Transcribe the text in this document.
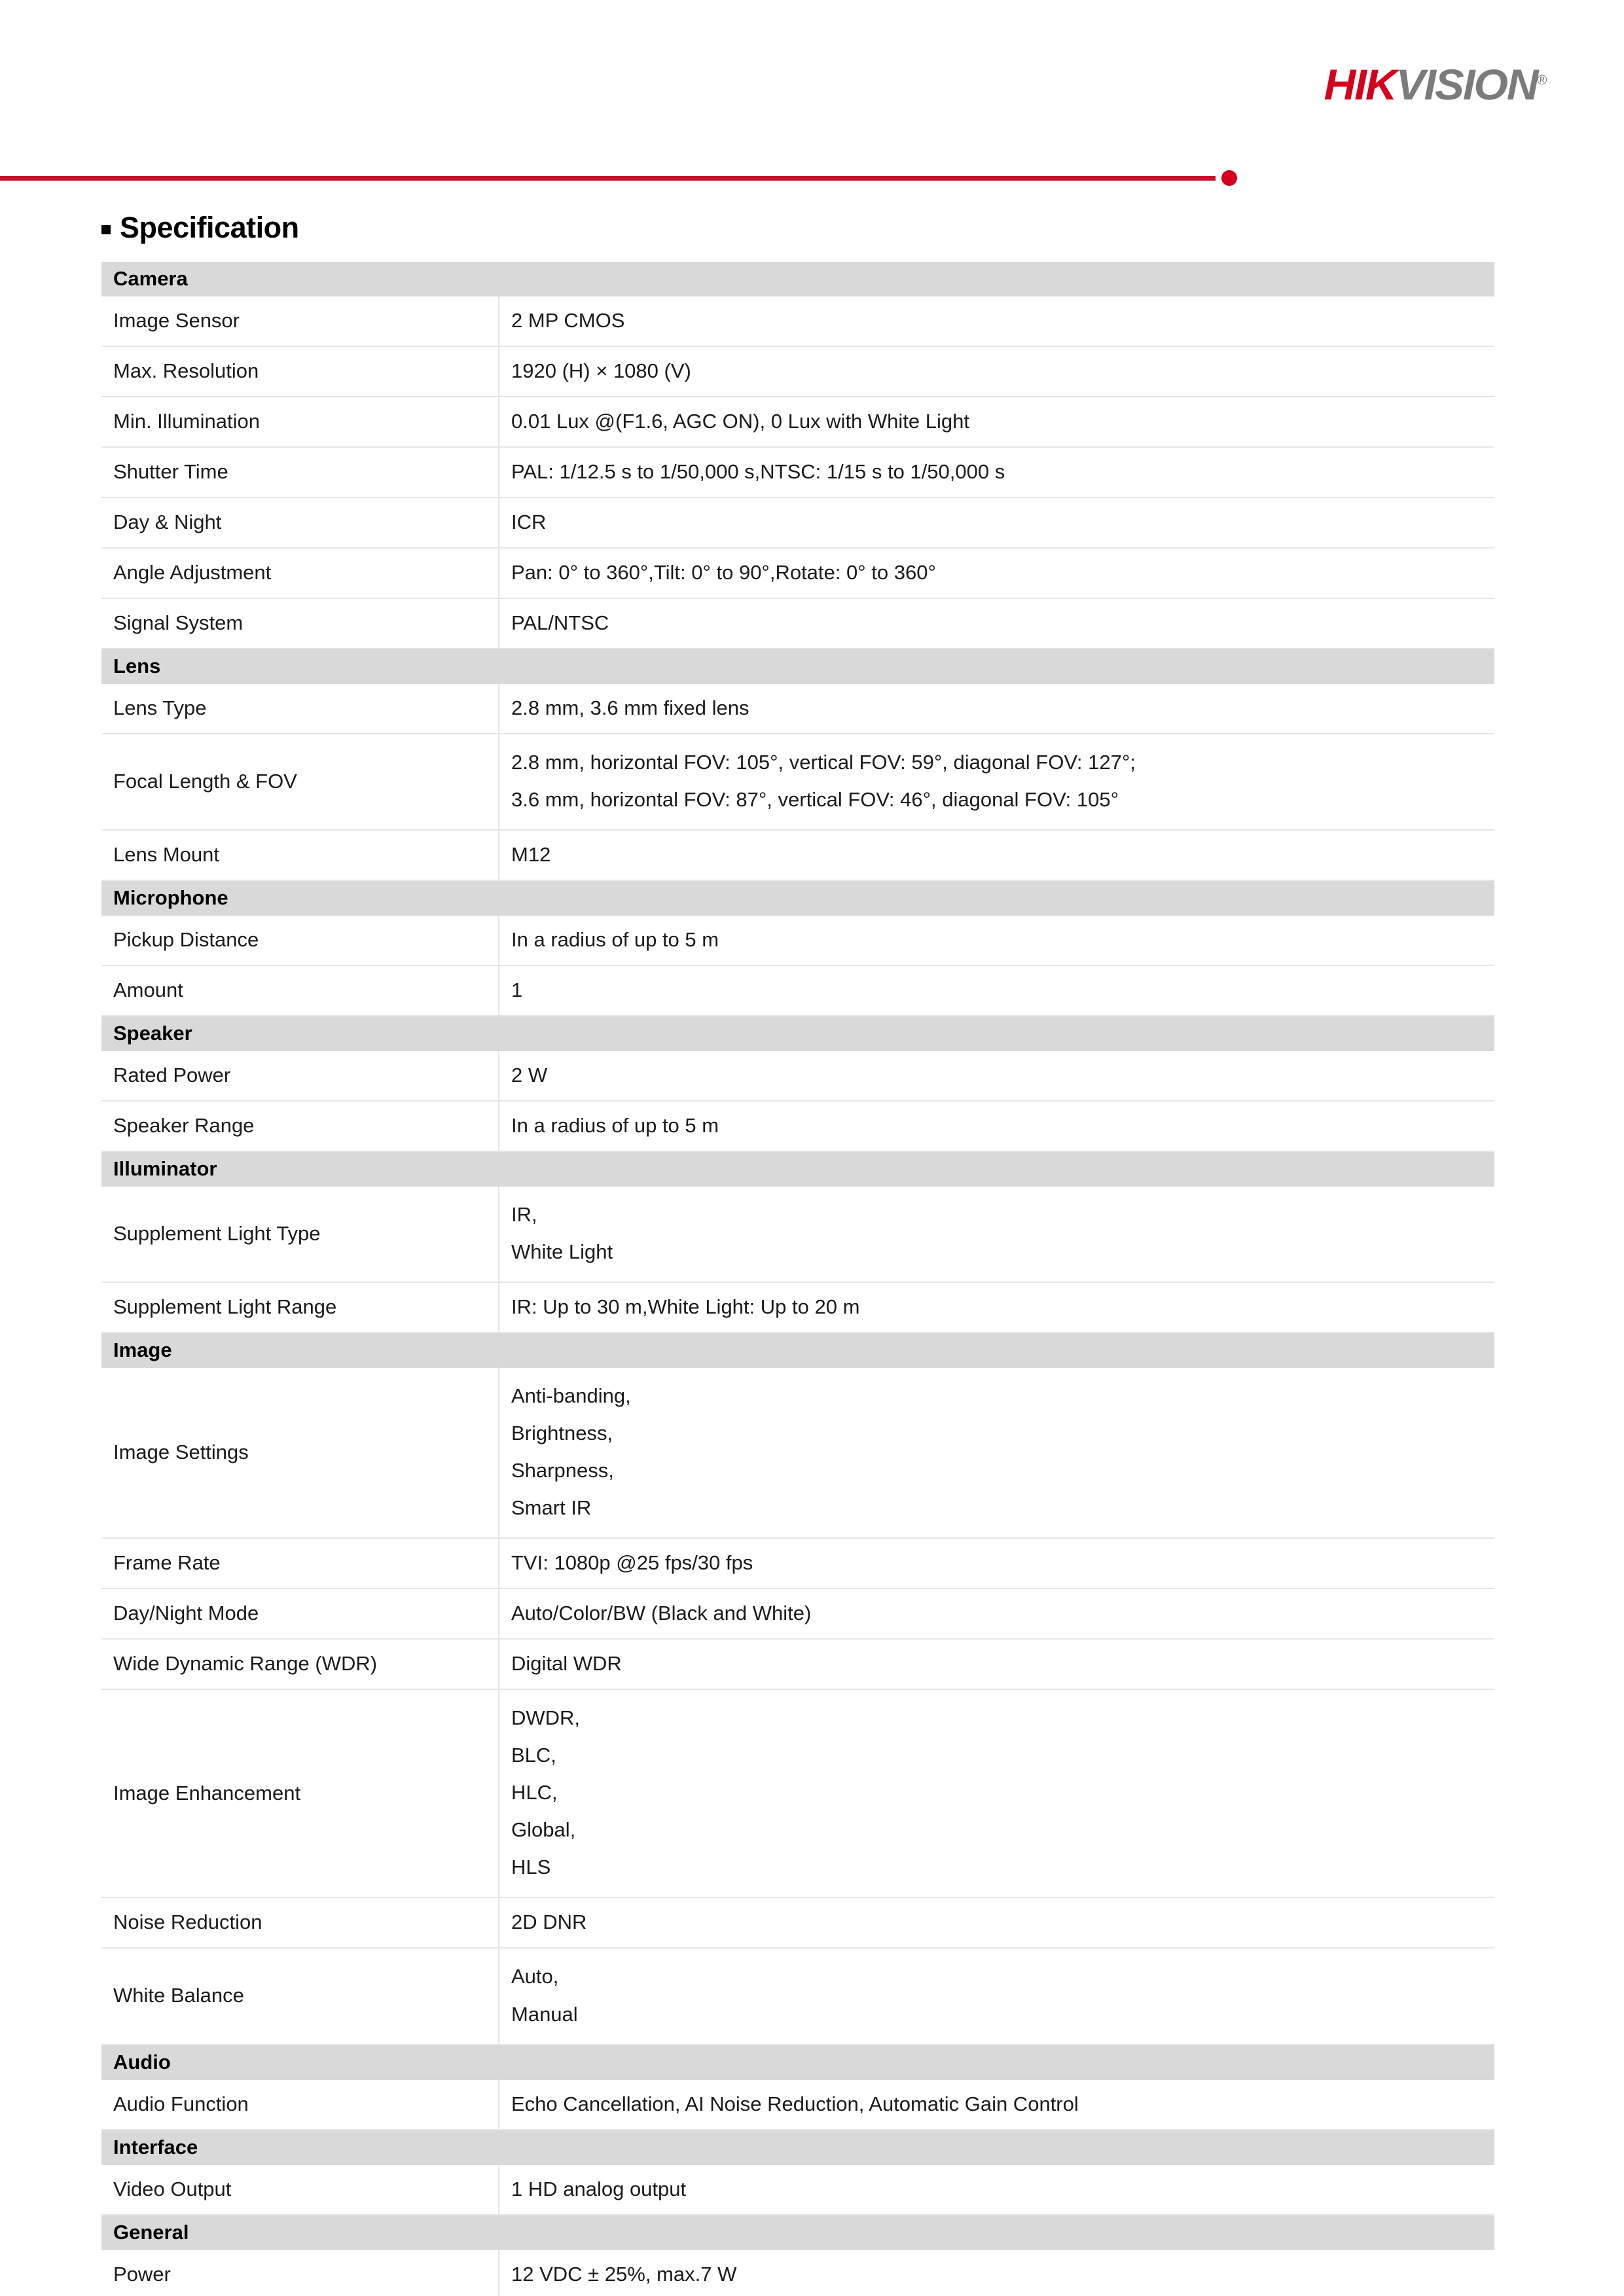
HIKVISION®
Specification
Camera	
Image Sensor	2 MP CMOS
Max. Resolution	1920 (H) × 1080 (V)
Min. Illumination	0.01 Lux @(F1.6, AGC ON), 0 Lux with White Light
Shutter Time	PAL: 1/12.5 s to 1/50,000 s,NTSC: 1/15 s to 1/50,000 s
Day & Night	ICR
Angle Adjustment	Pan: 0° to 360°,Tilt: 0° to 90°,Rotate: 0° to 360°
Signal System	PAL/NTSC
Lens	
Lens Type	2.8 mm, 3.6 mm fixed lens
Focal Length & FOV	2.8 mm, horizontal FOV: 105°, vertical FOV: 59°, diagonal FOV: 127°;
3.6 mm, horizontal FOV: 87°, vertical FOV: 46°, diagonal FOV: 105°

Lens Mount	M12
Microphone	
Pickup Distance	In a radius of up to 5 m
Amount	1
Speaker	
Rated Power	2 W
Speaker Range	In a radius of up to 5 m
Illuminator	
Supplement Light Type	IR,
White Light

Supplement Light Range	IR: Up to 30 m,White Light: Up to 20 m
Image	
Image Settings	Anti-banding,
Brightness,
Sharpness,
Smart IR

Frame Rate	TVI: 1080p @25 fps/30 fps
Day/Night Mode	Auto/Color/BW (Black and White)
Wide Dynamic Range (WDR)	Digital WDR
Image Enhancement	DWDR,
BLC,
HLC,
Global,
HLS

Noise Reduction	2D DNR
White Balance	Auto,
Manual

Audio	
Audio Function	Echo Cancellation, AI Noise Reduction, Automatic Gain Control
Interface	
Video Output	1 HD analog output
General	
Power	12 VDC ± 25%, max.7 W
